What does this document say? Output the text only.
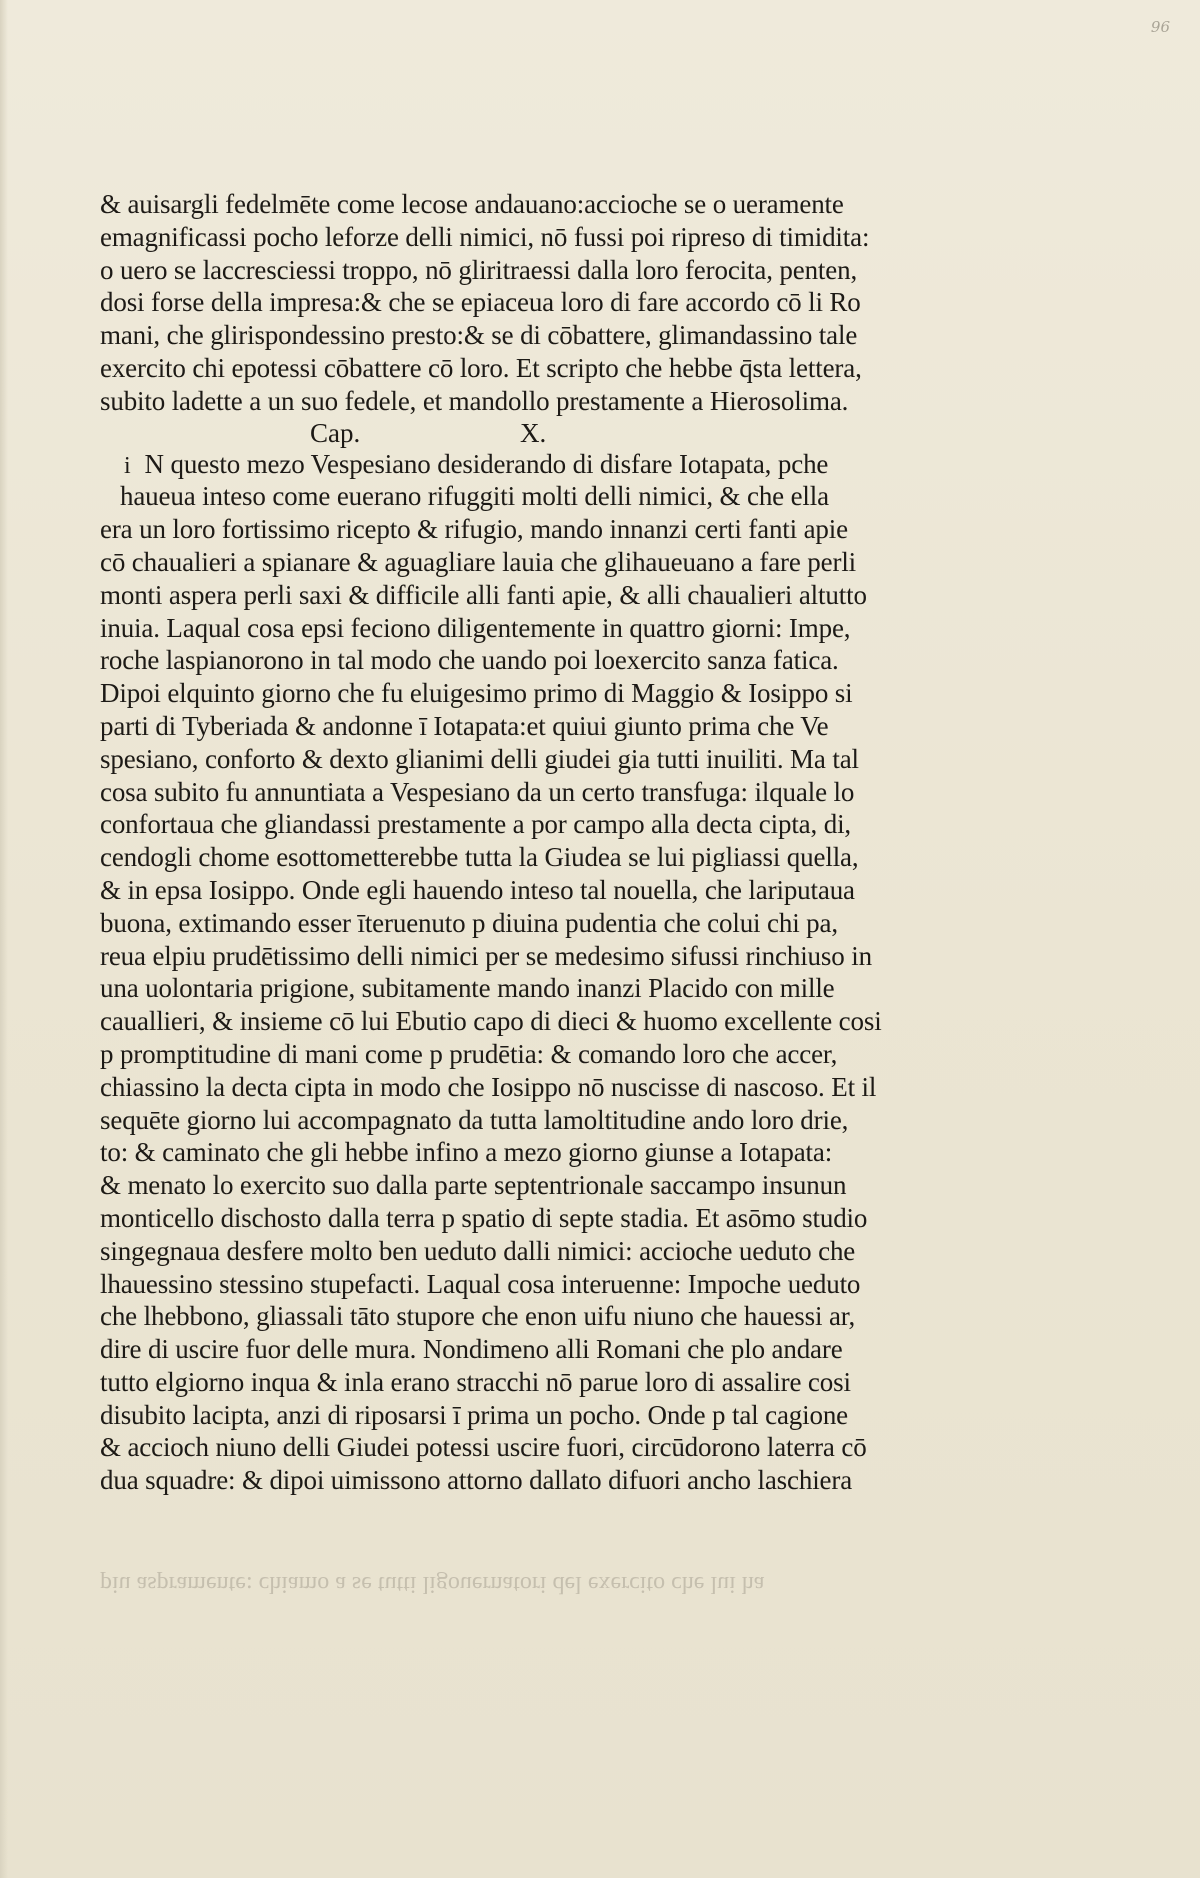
96
& auisargli fedelmēte come lecose andauano:accioche se o ueramente
emagnificassi pocho leforze delli nimici, nō fussi poi ripreso di timidita:
o uero se laccresciessi troppo, nō gliritraessi dalla loro ferocita, penten,
dosi forse della impresa:& che se epiaceua loro di fare accordo cō li Ro
mani, che glirispondessino presto:& se di cōbattere, glimandassino tale
exercito chi epotessi cōbattere cō loro. Et scripto che hebbe q̄sta lettera,
subito ladette a un suo fedele, et mandollo prestamente a Hierosolima.
Cap.	X.
i N questo mezo Vespesiano desiderando di disfare Iotapata, pche
haueua inteso come euerano rifuggiti molti delli nimici, & che ella
era un loro fortissimo ricepto & rifugio, mando innanzi certi fanti apie
cō chaualieri a spianare & aguagliare lauia che glihaueuano a fare perli
monti aspera perli saxi & difficile alli fanti apie, & alli chaualieri altutto
inuia. Laqual cosa epsi feciono diligentemente in quattro giorni: Impe,
roche laspianorono in tal modo che uando poi loexercito sanza fatica.
Dipoi elquinto giorno che fu eluigesimo primo di Maggio & Iosippo si
parti di Tyberiada & andonne ī Iotapata:et quiui giunto prima che Ve
spesiano, conforto & dexto glianimi delli giudei gia tutti inuiliti. Ma tal
cosa subito fu annuntiata a Vespesiano da un certo transfuga: ilquale lo
confortaua che gliandassi prestamente a por campo alla decta cipta, di,
cendogli chome esottometterebbe tutta la Giudea se lui pigliassi quella,
& in epsa Iosippo. Onde egli hauendo inteso tal nouella, che lariputaua
buona, extimando esser īteruenuto p diuina pudentia che colui chi pa,
reua elpiu prudētissimo delli nimici per se medesimo sifussi rinchiuso in
una uolontaria prigione, subitamente mando inanzi Placido con mille
cauallieri, & insieme cō lui Ebutio capo di dieci & huomo excellente cosi
p promptitudine di mani come p prudētia: & comando loro che accer,
chiassino la decta cipta in modo che Iosippo nō nuscisse di nascoso. Et il
sequēte giorno lui accompagnato da tutta lamoltitudine ando loro drie,
to: & caminato che gli hebbe infino a mezo giorno giunse a Iotapata:
& menato lo exercito suo dalla parte septentrionale saccampo insunun
monticello dischosto dalla terra p spatio di septe stadia. Et asōmo studio
singegnaua desfere molto ben ueduto dalli nimici: accioche ueduto che
lhauessino stessino stupefacti. Laqual cosa interuenne: Impoche ueduto
che lhebbono, gliassali tāto stupore che enon uifu niuno che hauessi ar,
dire di uscire fuor delle mura. Nondimeno alli Romani che plo andare
tutto elgiorno inqua & inla erano stracchi nō parue loro di assalire cosi
disubito lacipta, anzi di riposarsi ī prima un pocho. Onde p tal cagione
& accioch niuno delli Giudei potessi uscire fuori, circūdorono laterra cō
dua squadre: & dipoi uimissono attorno dallato difuori ancho laschiera
piu aspramente: chiamo a se tutti ligouernatori del exercito che lui ha
